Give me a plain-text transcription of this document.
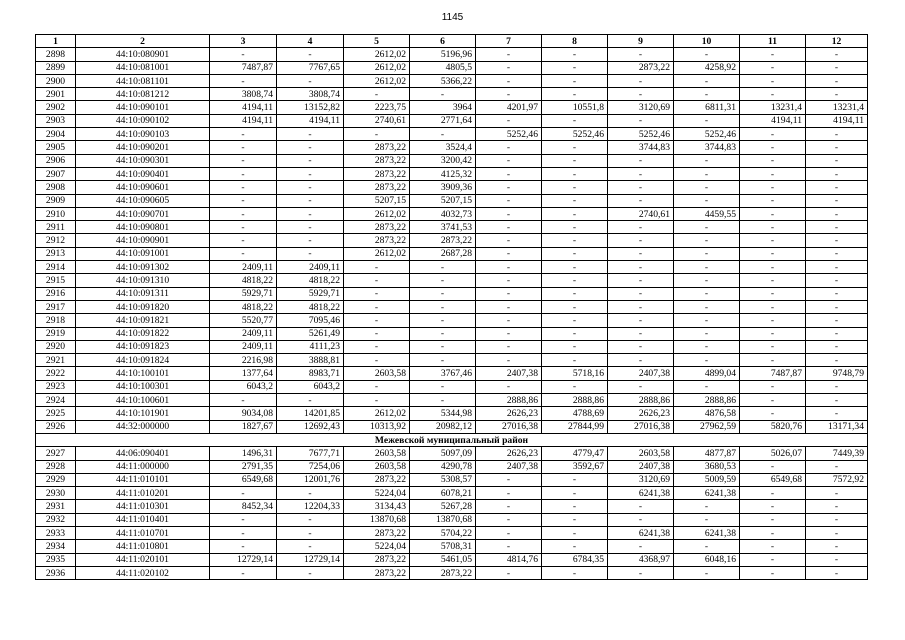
1145
1	2	3	4	5	6	7	8	9	10	11	12
2898	44:10:080901	-	-	2612,02	5196,96	-	-	-	-	-	-
2899	44:10:081001	7487,87	7767,65	2612,02	4805,5	-	-	2873,22	4258,92	-	-
2900	44:10:081101	-	-	2612,02	5366,22	-	-	-	-	-	-
2901	44:10:081212	3808,74	3808,74	-	-	-	-	-	-	-	-
2902	44:10:090101	4194,11	13152,82	2223,75	3964	4201,97	10551,8	3120,69	6811,31	13231,4	13231,4
2903	44:10:090102	4194,11	4194,11	2740,61	2771,64	-	-	-	-	4194,11	4194,11
2904	44:10:090103	-	-	-	-	5252,46	5252,46	5252,46	5252,46	-	-
2905	44:10:090201	-	-	2873,22	3524,4	-	-	3744,83	3744,83	-	-
2906	44:10:090301	-	-	2873,22	3200,42	-	-	-	-	-	-
2907	44:10:090401	-	-	2873,22	4125,32	-	-	-	-	-	-
2908	44:10:090601	-	-	2873,22	3909,36	-	-	-	-	-	-
2909	44:10:090605	-	-	5207,15	5207,15	-	-	-	-	-	-
2910	44:10:090701	-	-	2612,02	4032,73	-	-	2740,61	4459,55	-	-
2911	44:10:090801	-	-	2873,22	3741,53	-	-	-	-	-	-
2912	44:10:090901	-	-	2873,22	2873,22	-	-	-	-	-	-
2913	44:10:091001	-	-	2612,02	2687,28	-	-	-	-	-	-
2914	44:10:091302	2409,11	2409,11	-	-	-	-	-	-	-	-
2915	44:10:091310	4818,22	4818,22	-	-	-	-	-	-	-	-
2916	44:10:091311	5929,71	5929,71	-	-	-	-	-	-	-	-
2917	44:10:091820	4818,22	4818,22	-	-	-	-	-	-	-	-
2918	44:10:091821	5520,77	7095,46	-	-	-	-	-	-	-	-
2919	44:10:091822	2409,11	5261,49	-	-	-	-	-	-	-	-
2920	44:10:091823	2409,11	4111,23	-	-	-	-	-	-	-	-
2921	44:10:091824	2216,98	3888,81	-	-	-	-	-	-	-	-
2922	44:10:100101	1377,64	8983,71	2603,58	3767,46	2407,38	5718,16	2407,38	4899,04	7487,87	9748,79
2923	44:10:100301	6043,2	6043,2	-	-	-	-	-	-	-	-
2924	44:10:100601	-	-	-	-	2888,86	2888,86	2888,86	2888,86	-	-
2925	44:10:101901	9034,08	14201,85	2612,02	5344,98	2626,23	4788,69	2626,23	4876,58	-	-
2926	44:32:000000	1827,67	12692,43	10313,92	20982,12	27016,38	27844,99	27016,38	27962,59	5820,76	13171,34
Межевской муниципальный район											
2927	44:06:090401	1496,31	7677,71	2603,58	5097,09	2626,23	4779,47	2603,58	4877,87	5026,07	7449,39
2928	44:11:000000	2791,35	7254,06	2603,58	4290,78	2407,38	3592,67	2407,38	3680,53	-	-
2929	44:11:010101	6549,68	12001,76	2873,22	5308,57	-	-	3120,69	5009,59	6549,68	7572,92
2930	44:11:010201	-	-	5224,04	6078,21	-	-	6241,38	6241,38	-	-
2931	44:11:010301	8452,34	12204,33	3134,43	5267,28	-	-	-	-	-	-
2932	44:11:010401	-	-	13870,68	13870,68	-	-	-	-	-	-
2933	44:11:010701	-	-	2873,22	5704,22	-	-	6241,38	6241,38	-	-
2934	44:11:010801	-	-	5224,04	5708,31	-	-	-	-	-	-
2935	44:11:020101	12729,14	12729,14	2873,22	5461,05	4814,76	6784,35	4368,97	6048,16	-	-
2936	44:11:020102	-	-	2873,22	2873,22	-	-	-	-	-	-
